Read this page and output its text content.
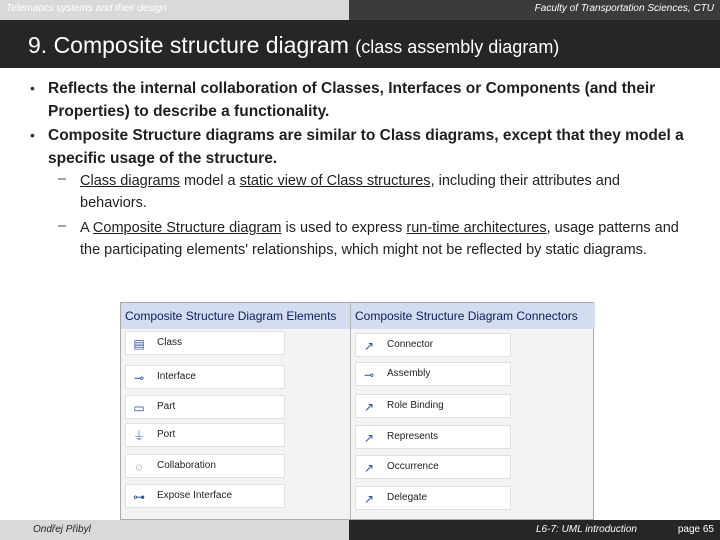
Telematics systems and their design	Faculty of Transportation Sciences, CTU
9. Composite structure diagram (class assembly diagram)
• Reflects the internal collaboration of Classes, Interfaces or Components (and their Properties) to describe a functionality.
• Composite Structure diagrams are similar to Class diagrams, except that they model a specific usage of the structure.
– Class diagrams model a static view of Class structures, including their attributes and behaviors.
– A Composite Structure diagram is used to express run-time architectures, usage patterns and the participating elements' relationships, which might not be reflected by static diagrams.
Composite Structure Diagram Elements	Composite Structure Diagram Connectors
▤ Class
⊸ Interface
▭ Part
⏚ Port
◌	Collaboration
⊶ Expose Interface
↗ Connector
⊸ Assembly
↗ Role Binding
↗ Represents
↗ Occurrence
↗ Delegate
Ondřej Přibyl	L6-7: UML introduction	page 65
